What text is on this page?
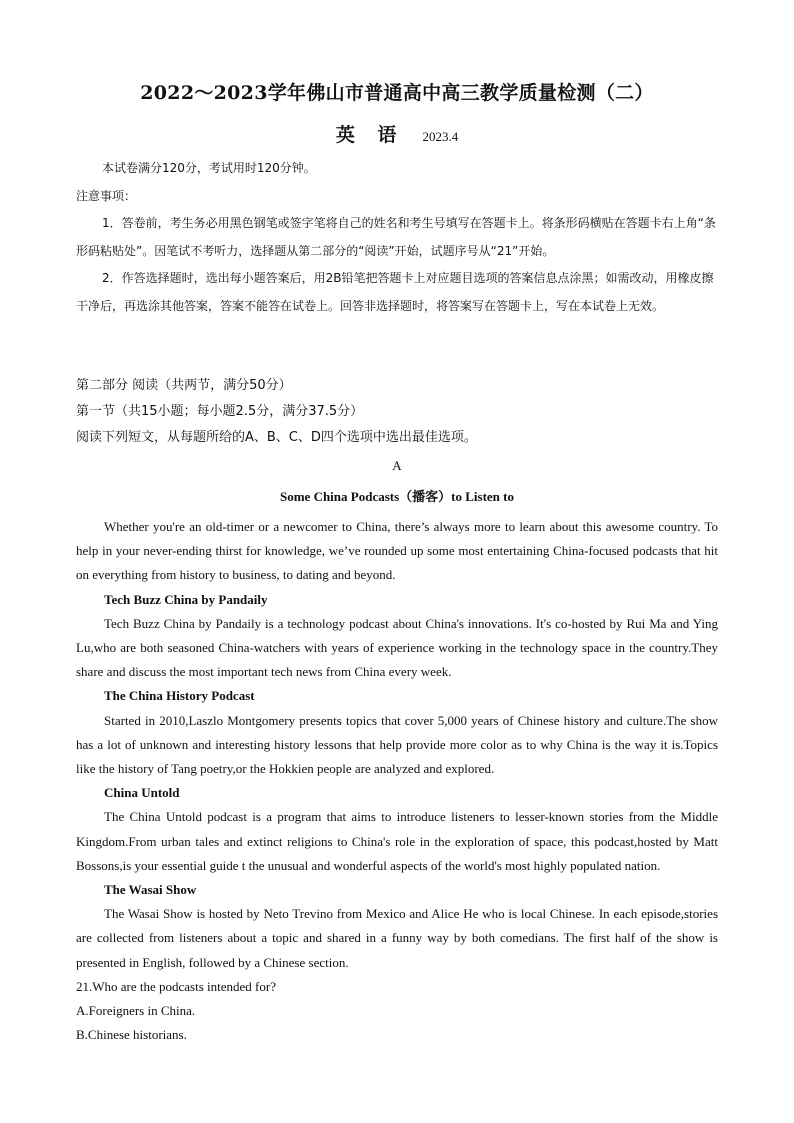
2022～2023学年佛山市普通高中高三教学质量检测（二）
英 语 2023.4
本试卷满分120分，考试用时120分钟。
注意事项：
1．答卷前，考生务必用黑色钢笔或签字笔将自己的姓名和考生号填写在答题卡上。将条形码横贴在答题卡右上角“条形码粘贴处”。因笔试不考听力，选择题从第二部分的“阅读”开始，试题序号从“21”开始。
2．作答选择题时，选出每小题答案后，用2B铅笔把答题卡上对应题目选项的答案信息点涂黑；如需改动，用橡皮擦干净后，再选涂其他答案，答案不能答在试卷上。回答非选择题时，将答案写在答题卡上，写在本试卷上无效。
第二部分 阅读（共两节，满分50分）
第一节（共15小题；每小题2.5分，满分37.5分）
阅读下列短文，从每题所给的A、B、C、D四个选项中选出最佳选项。
A
Some China Podcasts（播客）to Listen to

Whether you're an old-timer or a newcomer to China, there’s always more to learn about this awesome country. To help in your never-ending thirst for knowledge, we’ve rounded up some most entertaining China-focused podcasts that hit on everything from history to business, to dating and beyond.

Tech Buzz China by Pandaily

Tech Buzz China by Pandaily is a technology podcast about China's innovations. It's co-hosted by Rui Ma and Ying Lu,who are both seasoned China-watchers with years of experience working in the technology space in the country.They share and discuss the most important tech news from China every week.

The China History Podcast

Started in 2010,Laszlo Montgomery presents topics that cover 5,000 years of Chinese history and culture.The show has a lot of unknown and interesting history lessons that help provide more color as to why China is the way it is.Topics like the history of Tang poetry,or the Hokkien people are analyzed and explored.

China Untold

The China Untold podcast is a program that aims to introduce listeners to lesser-known stories from the Middle Kingdom.From urban tales and extinct religions to China's role in the exploration of space, this podcast,hosted by Matt Bossons,is your essential guide t the unusual and wonderful aspects of the world's most highly populated nation.

The Wasai Show

The Wasai Show is hosted by Neto Trevino from Mexico and Alice He who is local Chinese. In each episode,stories are collected from listeners about a topic and shared in a funny way by both comedians. The first half of the show is presented in English, followed by a Chinese section.

21.Who are the podcasts intended for?

A.Foreigners in China.

B.Chinese historians.
